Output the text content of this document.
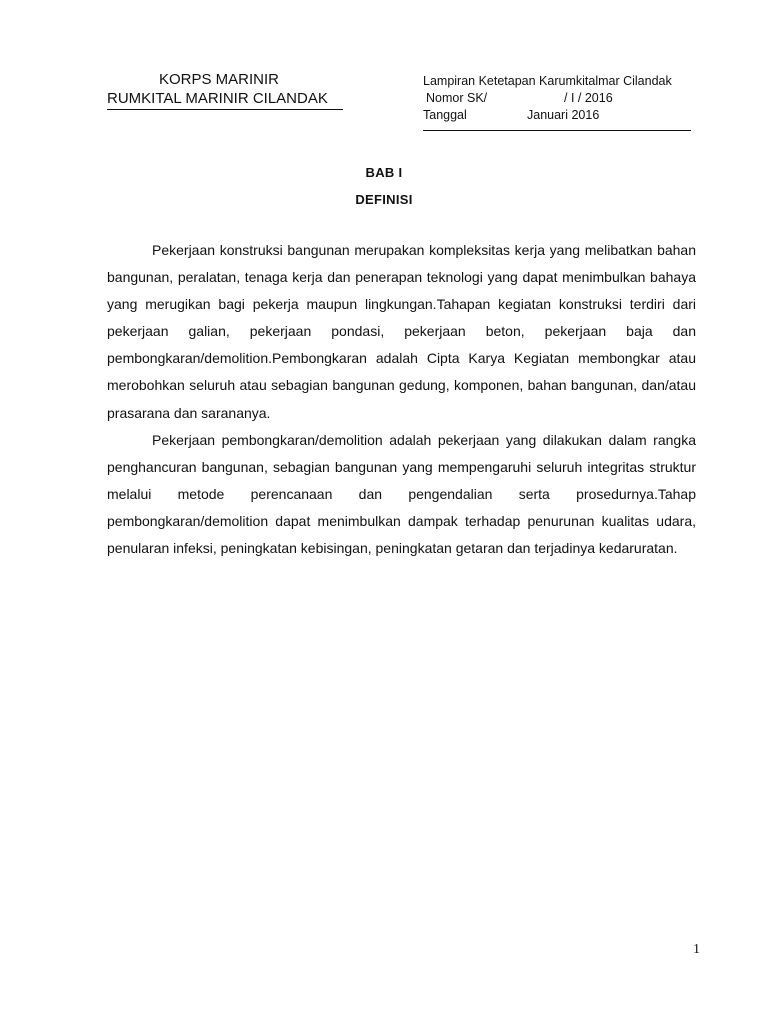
KORPS MARINIR
RUMKITAL MARINIR CILANDAK
Lampiran Ketetapan Karumkitalmar Cilandak
Nomor SK/	/ I / 2016
Tanggal	Januari 2016
BAB I
DEFINISI

Pekerjaan konstruksi bangunan merupakan kompleksitas kerja yang melibatkan bahan bangunan, peralatan, tenaga kerja dan penerapan teknologi yang dapat menimbulkan bahaya yang merugikan bagi pekerja maupun lingkungan.Tahapan kegiatan konstruksi terdiri dari pekerjaan galian, pekerjaan pondasi, pekerjaan beton, pekerjaan baja dan pembongkaran/demolition.Pembongkaran adalah Cipta Karya Kegiatan membongkar atau merobohkan seluruh atau sebagian bangunan gedung, komponen, bahan bangunan, dan/atau prasarana dan sarananya.

Pekerjaan pembongkaran/demolition adalah pekerjaan yang dilakukan dalam rangka penghancuran bangunan, sebagian bangunan yang mempengaruhi seluruh integritas struktur melalui metode perencanaan dan pengendalian serta prosedurnya.Tahap pembongkaran/demolition dapat menimbulkan dampak terhadap penurunan kualitas udara, penularan infeksi, peningkatan kebisingan, peningkatan getaran dan terjadinya kedaruratan.

1
